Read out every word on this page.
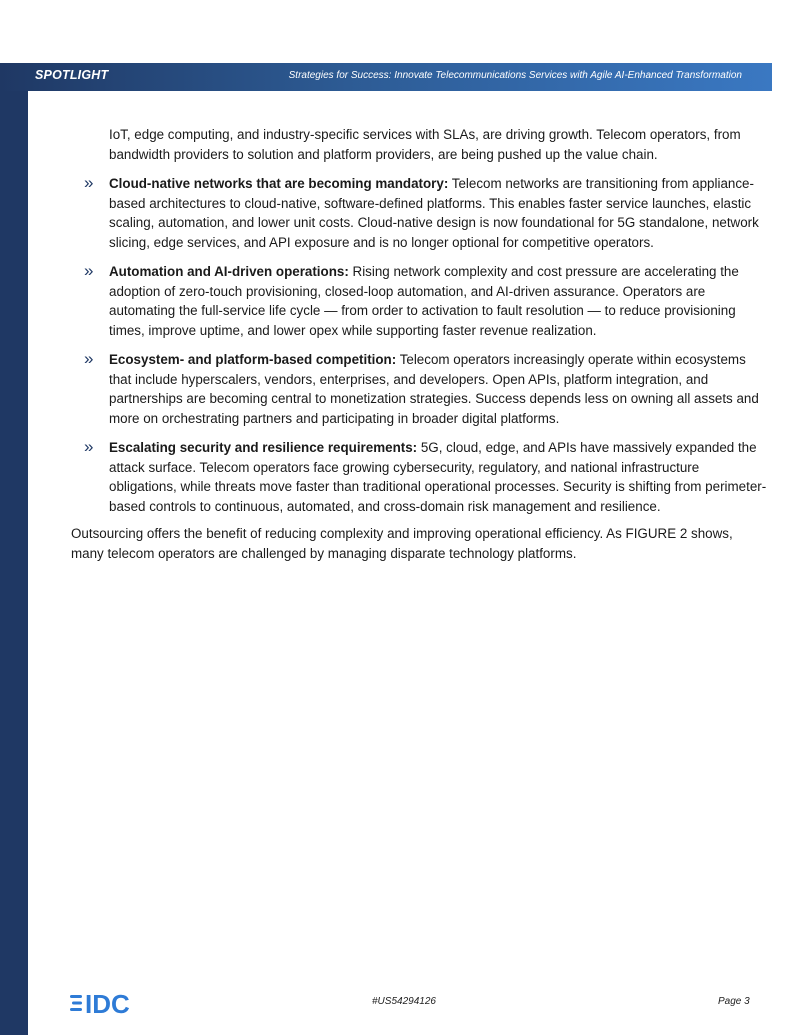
SPOTLIGHT	Strategies for Success: Innovate Telecommunications Services with Agile AI-Enhanced Transformation

IoT, edge computing, and industry-specific services with SLAs, are driving growth. Telecom operators, from bandwidth providers to solution and platform providers, are being pushed up the value chain.

» Cloud-native networks that are becoming mandatory: Telecom networks are transitioning from appliance-based architectures to cloud-native, software-defined platforms. This enables faster service launches, elastic scaling, automation, and lower unit costs. Cloud-native design is now foundational for 5G standalone, network slicing, edge services, and API exposure and is no longer optional for competitive operators.
» Automation and AI-driven operations: Rising network complexity and cost pressure are accelerating the adoption of zero-touch provisioning, closed-loop automation, and AI-driven assurance. Operators are automating the full-service life cycle — from order to activation to fault resolution — to reduce provisioning times, improve uptime, and lower opex while supporting faster revenue realization.
» Ecosystem- and platform-based competition: Telecom operators increasingly operate within ecosystems that include hyperscalers, vendors, enterprises, and developers. Open APIs, platform integration, and partnerships are becoming central to monetization strategies. Success depends less on owning all assets and more on orchestrating partners and participating in broader digital platforms.
» Escalating security and resilience requirements: 5G, cloud, edge, and APIs have massively expanded the attack surface. Telecom operators face growing cybersecurity, regulatory, and national infrastructure obligations, while threats move faster than traditional operational processes. Security is shifting from perimeter-based controls to continuous, automated, and cross-domain risk management and resilience.

Outsourcing offers the benefit of reducing complexity and improving operational efficiency. As FIGURE 2 shows, many telecom operators are challenged by managing disparate technology platforms.

IDC	#US54294126	Page 3
